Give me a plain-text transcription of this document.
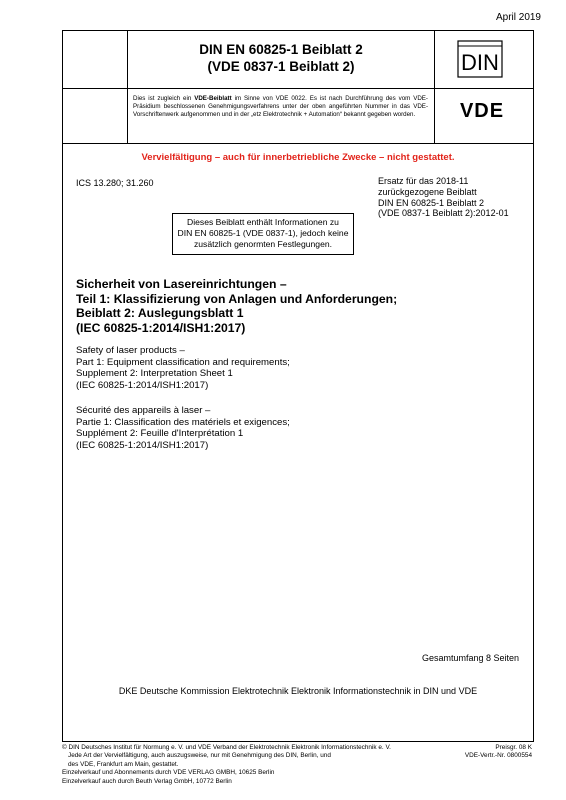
April 2019
DIN EN 60825-1 Beiblatt 2
(VDE 0837-1 Beiblatt 2)	DIN
VDE
Dies ist zugleich ein VDE-Beiblatt im Sinne von VDE 0022. Es ist nach Durchführung des vom VDE-Präsidium beschlossenen Genehmigungsverfahrens unter der oben angeführten Nummer in das VDE-Vorschriftenwerk aufgenommen und in der „etz Elektrotechnik + Automation“ bekannt gegeben worden.
Vervielfältigung – auch für innerbetriebliche Zwecke – nicht gestattet.
ICS 13.280; 31.260	Ersatz für das 2018-11
zurückgezogene Beiblatt
DIN EN 60825-1 Beiblatt 2
(VDE 0837-1 Beiblatt 2):2012-01
Dieses Beiblatt enthält Informationen zu
DIN EN 60825-1 (VDE 0837-1), jedoch keine
zusätzlich genormten Festlegungen.
Sicherheit von Lasereinrichtungen –
Teil 1: Klassifizierung von Anlagen und Anforderungen;
Beiblatt 2: Auslegungsblatt 1
(IEC 60825-1:2014/ISH1:2017)
Safety of laser products –
Part 1: Equipment classification and requirements;
Supplement 2: Interpretation Sheet 1
(IEC 60825-1:2014/ISH1:2017)
Sécurité des appareils à laser –
Partie 1: Classification des matériels et exigences;
Supplément 2: Feuille d'Interprétation 1
(IEC 60825-1:2014/ISH1:2017)
Gesamtumfang 8 Seiten
DKE Deutsche Kommission Elektrotechnik Elektronik Informationstechnik in DIN und VDE
© DIN Deutsches Institut für Normung e. V. und VDE Verband der Elektrotechnik Elektronik Informationstechnik e. V.
Jede Art der Vervielfältigung, auch auszugsweise, nur mit Genehmigung des DIN, Berlin, und
des VDE, Frankfurt am Main, gestattet.
Einzelverkauf und Abonnements durch VDE VERLAG GMBH, 10625 Berlin
Einzelverkauf auch durch Beuth Verlag GmbH, 10772 Berlin
Preisgr. 08 K
VDE-Vertr.-Nr. 0800554
